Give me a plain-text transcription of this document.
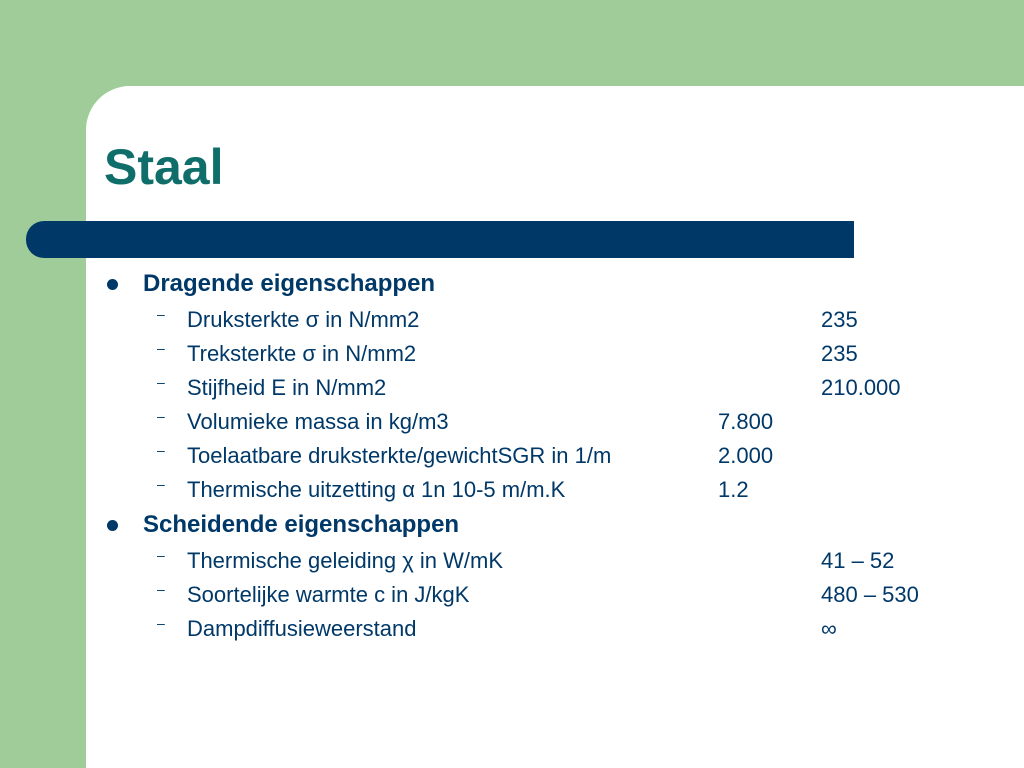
Staal
Dragende eigenschappen
– Druksterkte σ in N/mm2	235
– Treksterkte σ in N/mm2	235
– Stijfheid E in N/mm2	210.000
– Volumieke massa in kg/m3	7.800
– Toelaatbare druksterkte/gewichtSGR in 1/m	2.000
– Thermische uitzetting α 1n 10-5 m/m.K	1.2
Scheidende eigenschappen
– Thermische geleiding χ in W/mK	41 – 52
– Soortelijke warmte c in J/kgK	480 – 530
– Dampdiffusieweerstand	∞
